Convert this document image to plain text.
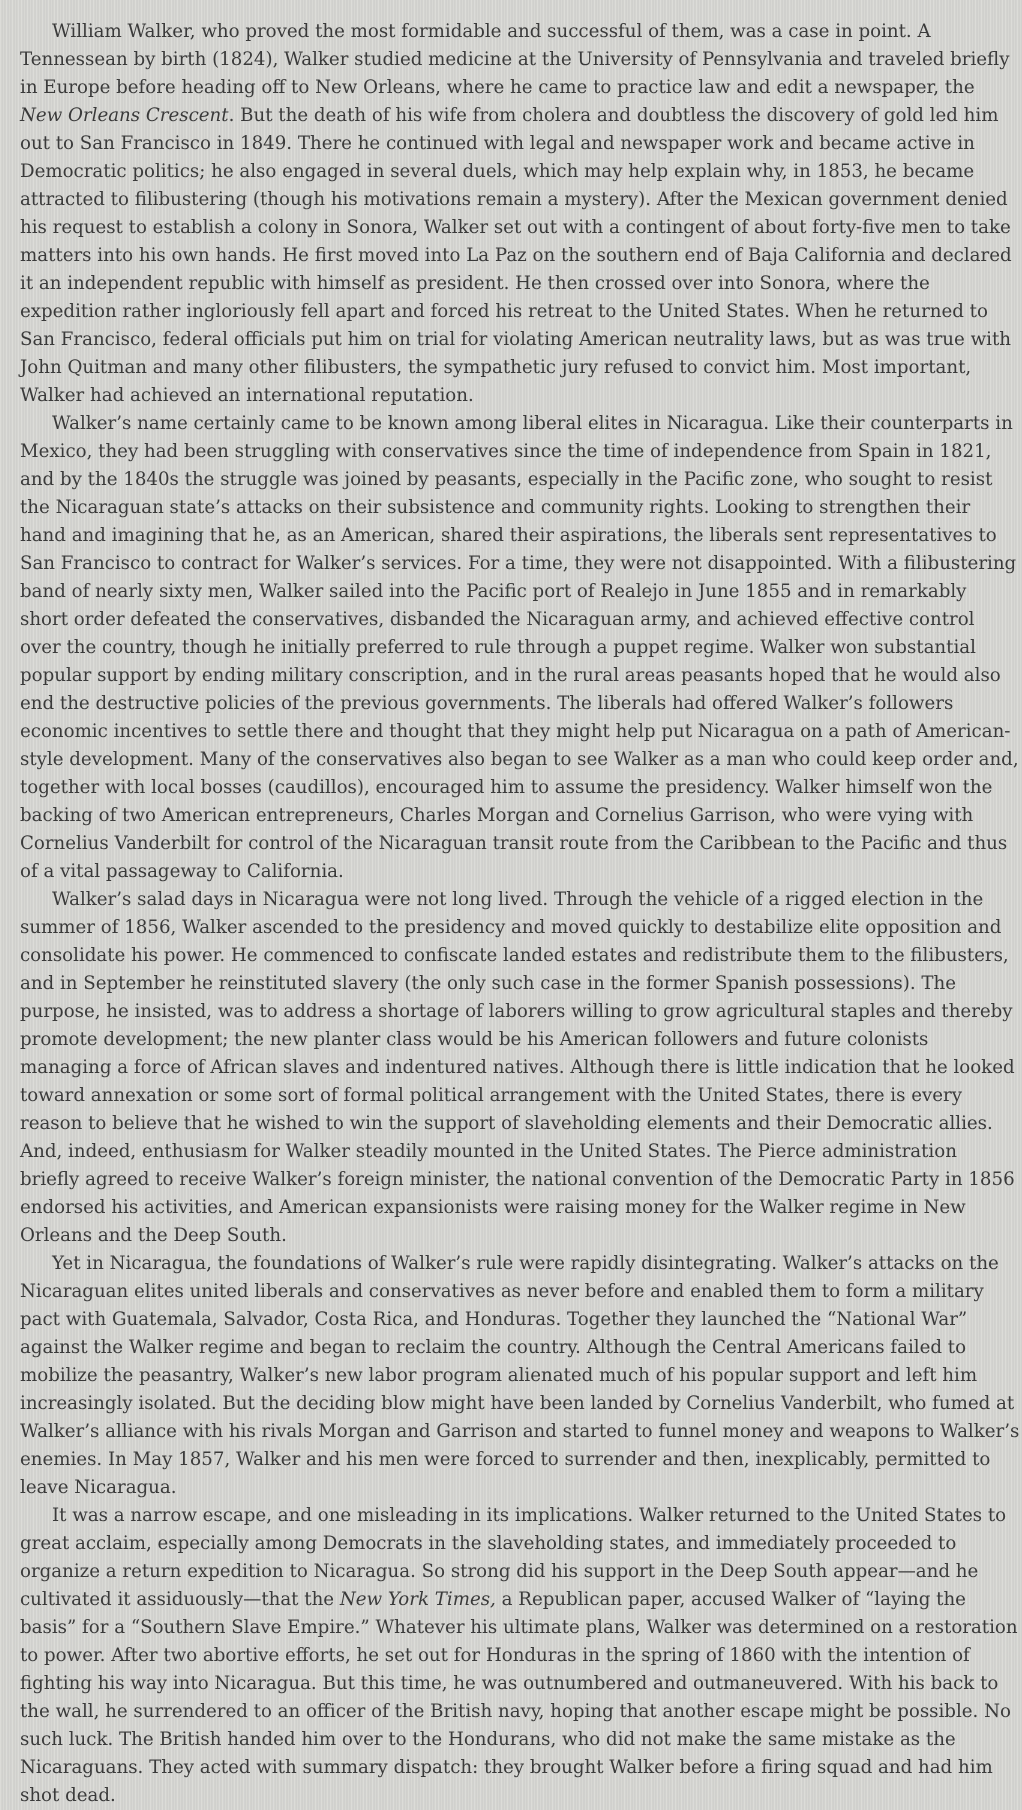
William Walker, who proved the most formidable and successful of them, was a case in point. A Tennessean by birth (1824), Walker studied medicine at the University of Pennsylvania and traveled briefly in Europe before heading off to New Orleans, where he came to practice law and edit a newspaper, the New Orleans Crescent. But the death of his wife from cholera and doubtless the discovery of gold led him out to San Francisco in 1849. There he continued with legal and newspaper work and became active in Democratic politics; he also engaged in several duels, which may help explain why, in 1853, he became attracted to filibustering (though his motivations remain a mystery). After the Mexican government denied his request to establish a colony in Sonora, Walker set out with a contingent of about forty-five men to take matters into his own hands. He first moved into La Paz on the southern end of Baja California and declared it an independent republic with himself as president. He then crossed over into Sonora, where the expedition rather ingloriously fell apart and forced his retreat to the United States. When he returned to San Francisco, federal officials put him on trial for violating American neutrality laws, but as was true with John Quitman and many other filibusters, the sympathetic jury refused to convict him. Most important, Walker had achieved an international reputation.

Walker’s name certainly came to be known among liberal elites in Nicaragua. Like their counterparts in Mexico, they had been struggling with conservatives since the time of independence from Spain in 1821, and by the 1840s the struggle was joined by peasants, especially in the Pacific zone, who sought to resist the Nicaraguan state’s attacks on their subsistence and community rights. Looking to strengthen their hand and imagining that he, as an American, shared their aspirations, the liberals sent representatives to San Francisco to contract for Walker’s services. For a time, they were not disappointed. With a filibustering band of nearly sixty men, Walker sailed into the Pacific port of Realejo in June 1855 and in remarkably short order defeated the conservatives, disbanded the Nicaraguan army, and achieved effective control over the country, though he initially preferred to rule through a puppet regime. Walker won substantial popular support by ending military conscription, and in the rural areas peasants hoped that he would also end the destructive policies of the previous governments. The liberals had offered Walker’s followers economic incentives to settle there and thought that they might help put Nicaragua on a path of American-style development. Many of the conservatives also began to see Walker as a man who could keep order and, together with local bosses (caudillos), encouraged him to assume the presidency. Walker himself won the backing of two American entrepreneurs, Charles Morgan and Cornelius Garrison, who were vying with Cornelius Vanderbilt for control of the Nicaraguan transit route from the Caribbean to the Pacific and thus of a vital passageway to California.

Walker’s salad days in Nicaragua were not long lived. Through the vehicle of a rigged election in the summer of 1856, Walker ascended to the presidency and moved quickly to destabilize elite opposition and consolidate his power. He commenced to confiscate landed estates and redistribute them to the filibusters, and in September he reinstituted slavery (the only such case in the former Spanish possessions). The purpose, he insisted, was to address a shortage of laborers willing to grow agricultural staples and thereby promote development; the new planter class would be his American followers and future colonists managing a force of African slaves and indentured natives. Although there is little indication that he looked toward annexation or some sort of formal political arrangement with the United States, there is every reason to believe that he wished to win the support of slaveholding elements and their Democratic allies. And, indeed, enthusiasm for Walker steadily mounted in the United States. The Pierce administration briefly agreed to receive Walker’s foreign minister, the national convention of the Democratic Party in 1856 endorsed his activities, and American expansionists were raising money for the Walker regime in New Orleans and the Deep South.

Yet in Nicaragua, the foundations of Walker’s rule were rapidly disintegrating. Walker’s attacks on the Nicaraguan elites united liberals and conservatives as never before and enabled them to form a military pact with Guatemala, Salvador, Costa Rica, and Honduras. Together they launched the “National War” against the Walker regime and began to reclaim the country. Although the Central Americans failed to mobilize the peasantry, Walker’s new labor program alienated much of his popular support and left him increasingly isolated. But the deciding blow might have been landed by Cornelius Vanderbilt, who fumed at Walker’s alliance with his rivals Morgan and Garrison and started to funnel money and weapons to Walker’s enemies. In May 1857, Walker and his men were forced to surrender and then, inexplicably, permitted to leave Nicaragua.

It was a narrow escape, and one misleading in its implications. Walker returned to the United States to great acclaim, especially among Democrats in the slaveholding states, and immediately proceeded to organize a return expedition to Nicaragua. So strong did his support in the Deep South appear—and he cultivated it assiduously—that the New York Times, a Republican paper, accused Walker of “laying the basis” for a “Southern Slave Empire.” Whatever his ultimate plans, Walker was determined on a restoration to power. After two abortive efforts, he set out for Honduras in the spring of 1860 with the intention of fighting his way into Nicaragua. But this time, he was outnumbered and outmaneuvered. With his back to the wall, he surrendered to an officer of the British navy, hoping that another escape might be possible. No such luck. The British handed him over to the Hondurans, who did not make the same mistake as the Nicaraguans. They acted with summary dispatch: they brought Walker before a firing squad and had him shot dead.
